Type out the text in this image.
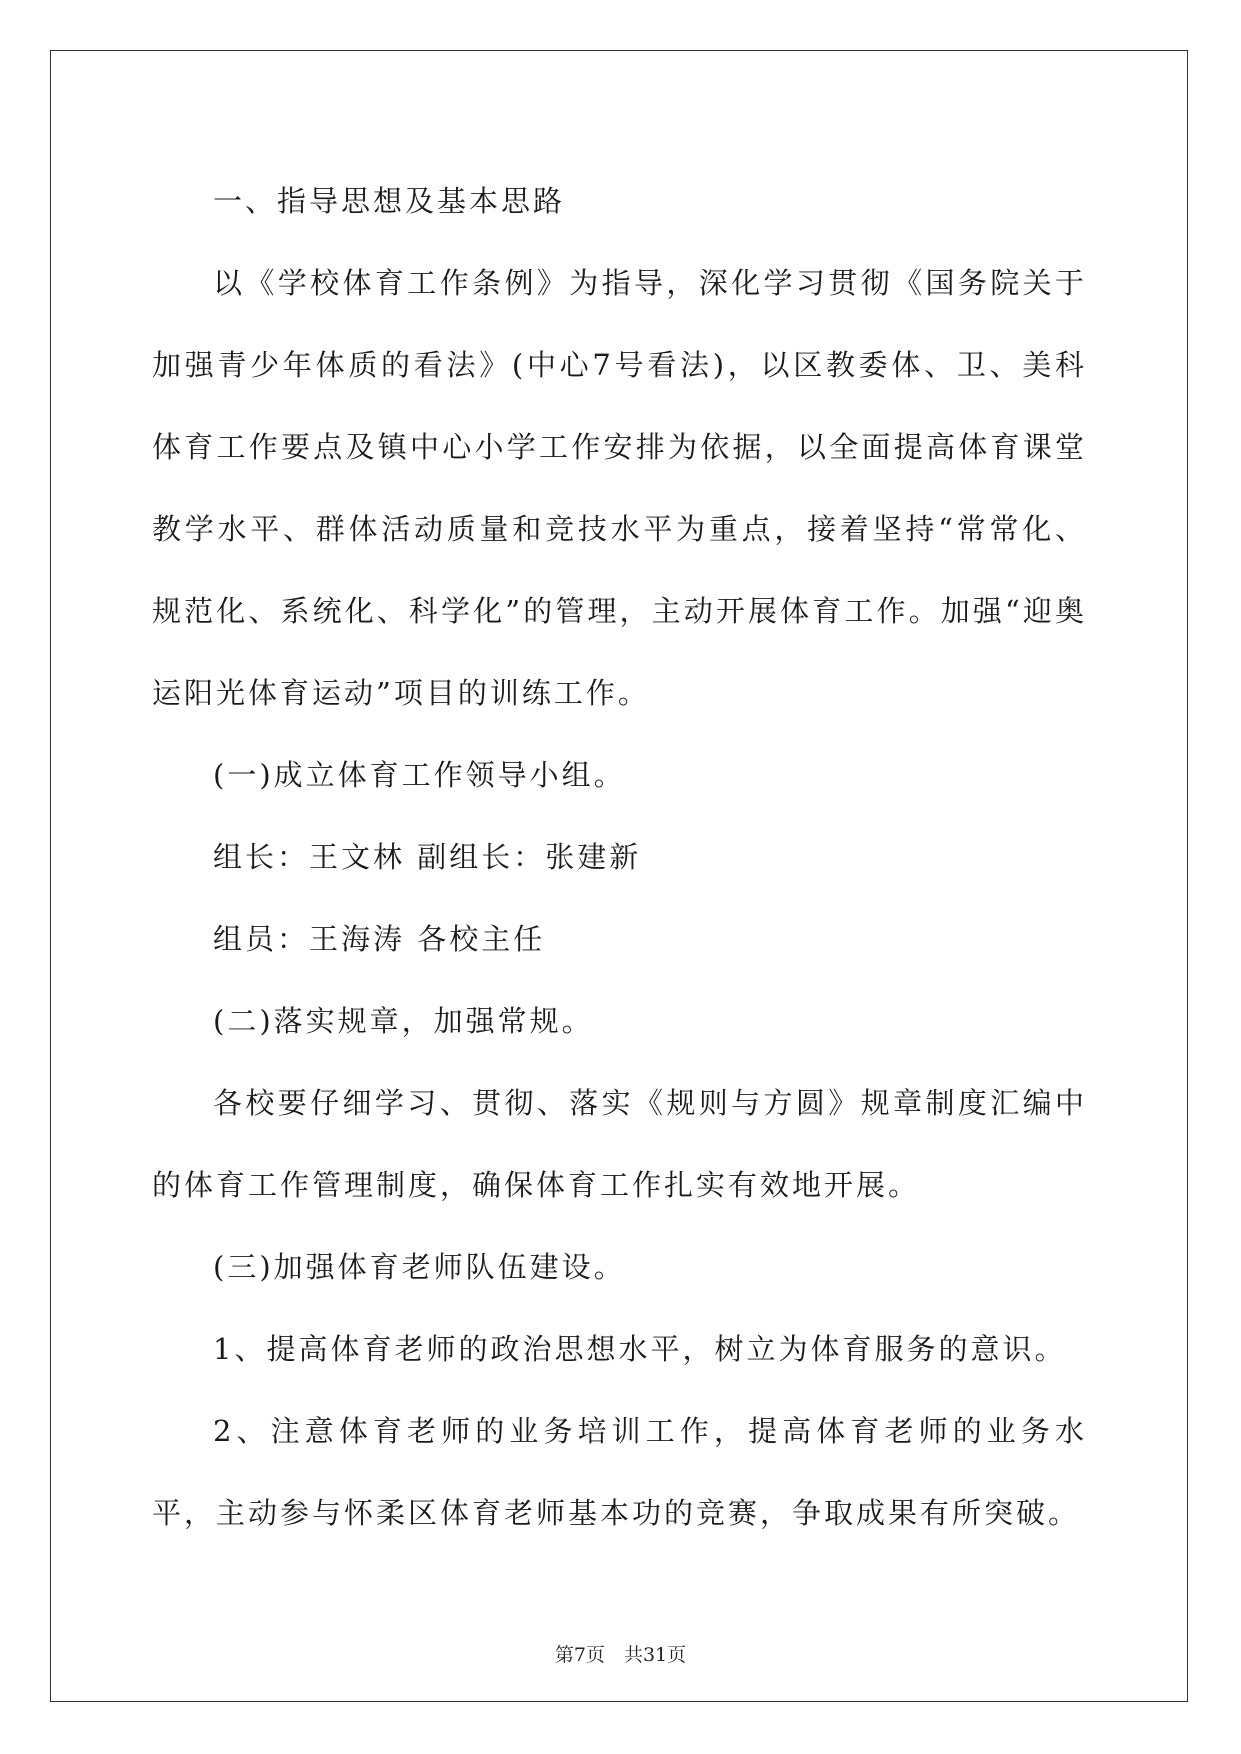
一、指导思想及基本思路

以《学校体育工作条例》为指导，深化学习贯彻《国务院关于加强青少年体质的看法》(中心7号看法)，以区教委体、卫、美科体育工作要点及镇中心小学工作安排为依据，以全面提高体育课堂教学水平、群体活动质量和竞技水平为重点，接着坚持“常常化、规范化、系统化、科学化”的管理，主动开展体育工作。加强“迎奥运阳光体育运动”项目的训练工作。

(一)成立体育工作领导小组。

组长：王文林 副组长：张建新

组员：王海涛 各校主任

(二)落实规章，加强常规。

各校要仔细学习、贯彻、落实《规则与方圆》规章制度汇编中的体育工作管理制度，确保体育工作扎实有效地开展。

(三)加强体育老师队伍建设。

1、提高体育老师的政治思想水平，树立为体育服务的意识。

2、注意体育老师的业务培训工作，提高体育老师的业务水平，主动参与怀柔区体育老师基本功的竞赛，争取成果有所突破。

第7页　共31页
